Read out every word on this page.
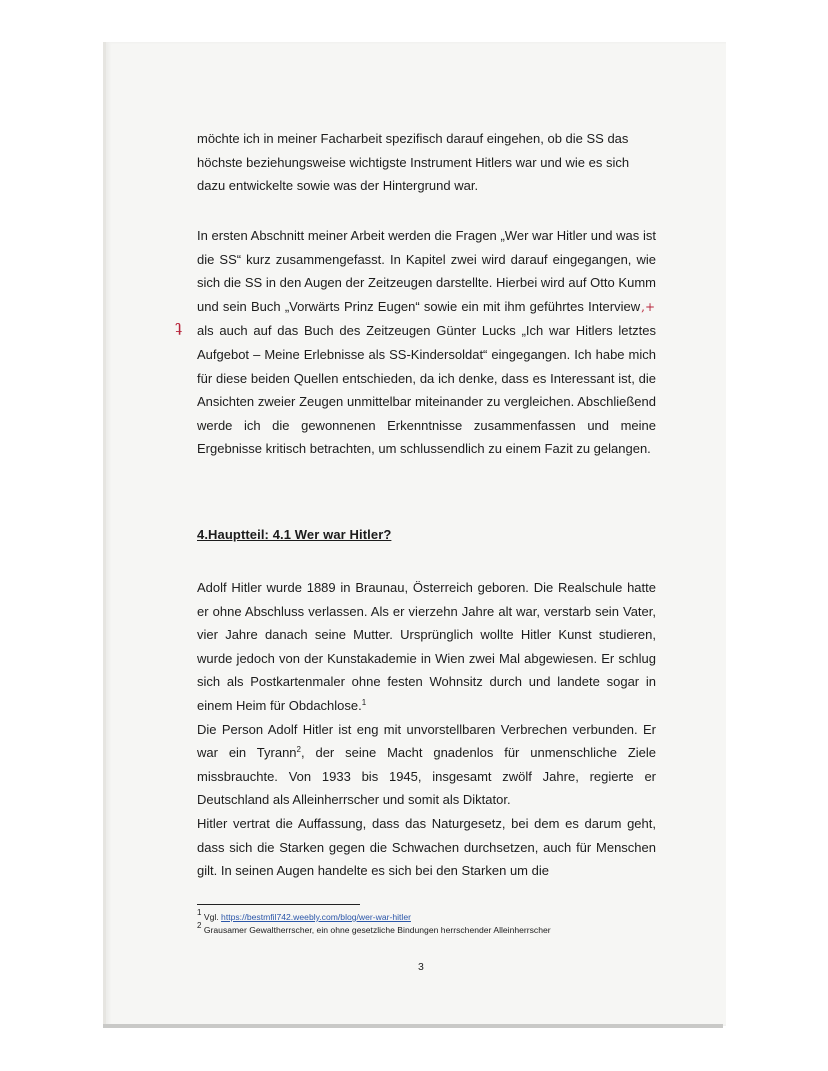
möchte ich in meiner Facharbeit spezifisch darauf eingehen, ob die SS das höchste beziehungsweise wichtigste Instrument Hitlers war und wie es sich dazu entwickelte sowie was der Hintergrund war.

ʇ

In ersten Abschnitt meiner Arbeit werden die Fragen „Wer war Hitler und was ist die SS“ kurz zusammengefasst. In Kapitel zwei wird darauf eingegangen, wie sich die SS in den Augen der Zeitzeugen darstellte. Hierbei wird auf Otto Kumm und sein Buch „Vorwärts Prinz Eugen“ sowie ein mit ihm geführtes Interview,+ als auch auf das Buch des Zeitzeugen Günter Lucks „Ich war Hitlers letztes Aufgebot – Meine Erlebnisse als SS-Kindersoldat“ eingegangen. Ich habe mich für diese beiden Quellen entschieden, da ich denke, dass es Interessant ist, die Ansichten zweier Zeugen unmittelbar miteinander zu vergleichen. Abschließend werde ich die gewonnenen Erkenntnisse zusammenfassen und meine Ergebnisse kritisch betrachten, um schlussendlich zu einem Fazit zu gelangen.

4.Hauptteil: 4.1 Wer war Hitler?

Adolf Hitler wurde 1889 in Braunau, Österreich geboren. Die Realschule hatte er ohne Abschluss verlassen. Als er vierzehn Jahre alt war, verstarb sein Vater, vier Jahre danach seine Mutter. Ursprünglich wollte Hitler Kunst studieren, wurde jedoch von der Kunstakademie in Wien zwei Mal abgewiesen. Er schlug sich als Postkartenmaler ohne festen Wohnsitz durch und landete sogar in einem Heim für Obdachlose.$^1$
Die Person Adolf Hitler ist eng mit unvorstellbaren Verbrechen verbunden. Er war ein Tyrann$^2$, der seine Macht gnadenlos für unmenschliche Ziele missbrauchte. Von 1933 bis 1945, insgesamt zwölf Jahre, regierte er Deutschland als Alleinherrscher und somit als Diktator.
Hitler vertrat die Auffassung, dass das Naturgesetz, bei dem es darum geht, dass sich die Starken gegen die Schwachen durchsetzen, auch für Menschen gilt. In seinen Augen handelte es sich bei den Starken um die

$^1$ Vgl. https://bestmfil742.weebly.com/blog/wer-war-hitler
$^2$ Grausamer Gewaltherrscher, ein ohne gesetzliche Bindungen herrschender Alleinherrscher
3
